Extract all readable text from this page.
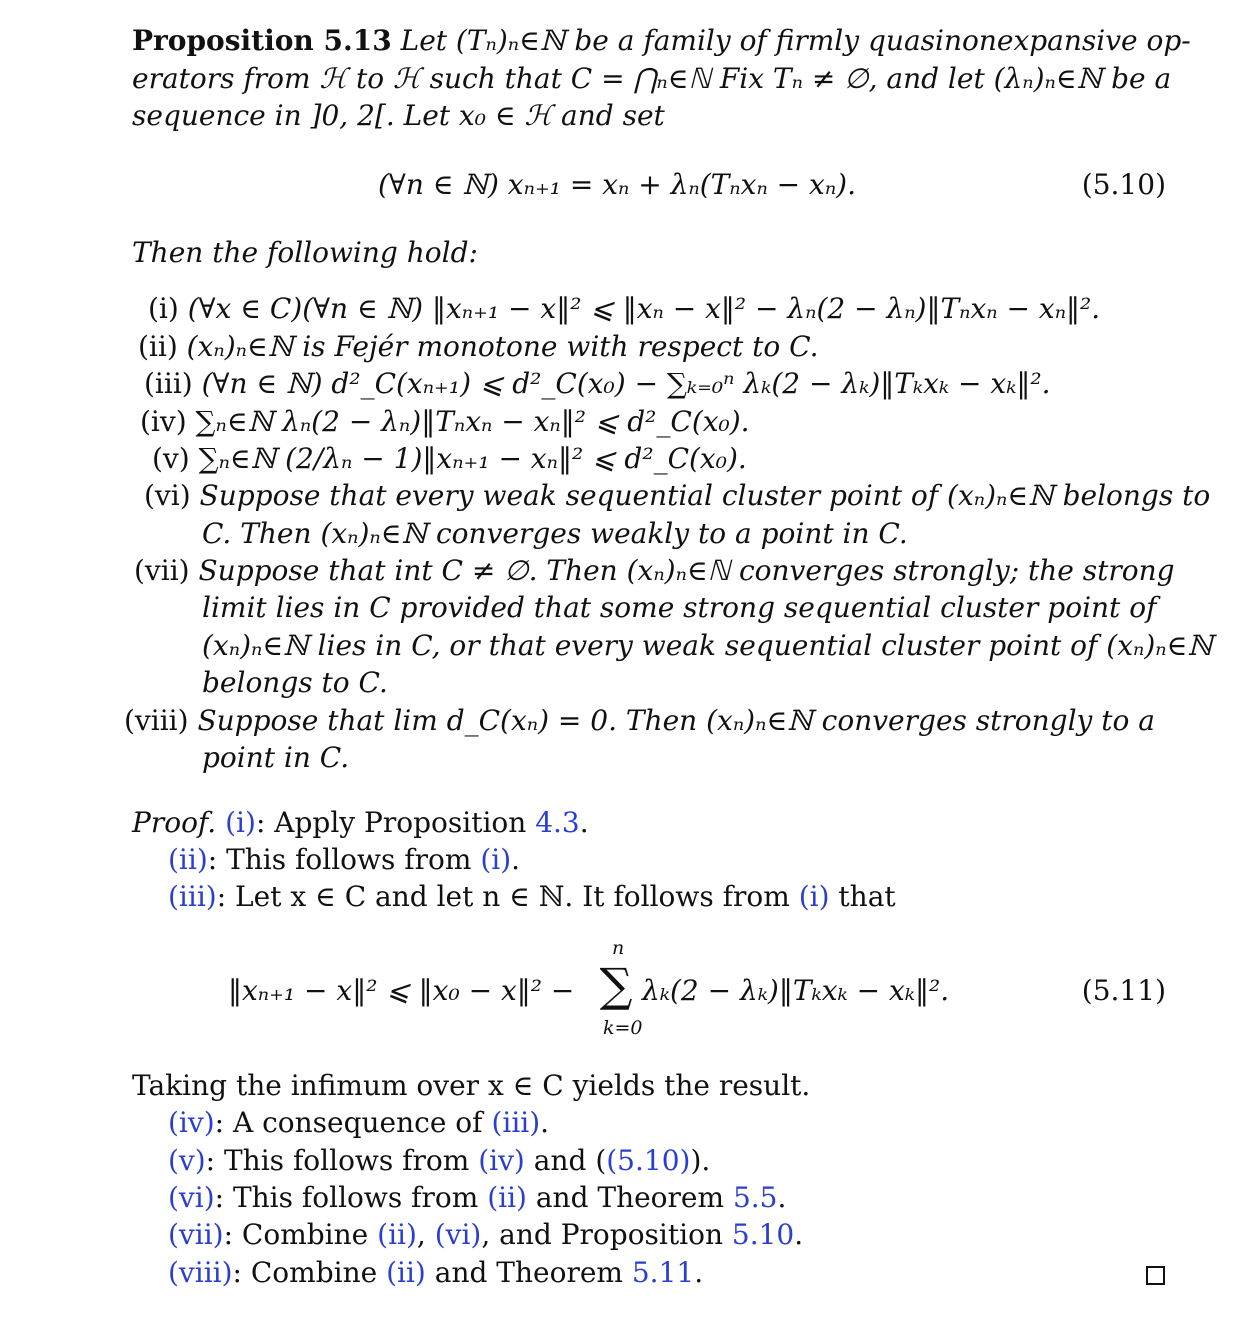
Proposition 5.13 Let (Tₙ)ₙ∈ℕ be a family of firmly quasinonexpansive op-
erators from ℋ to ℋ such that C = ⋂ₙ∈ℕ Fix Tₙ ≠ ∅, and let (λₙ)ₙ∈ℕ be a
sequence in ]0, 2[. Let x₀ ∈ ℋ and set
(∀n ∈ ℕ) xₙ₊₁ = xₙ + λₙ(Tₙxₙ − xₙ).	(5.10)
Then the following hold:
(i) (∀x ∈ C)(∀n ∈ ℕ) ‖xₙ₊₁ − x‖² ⩽ ‖xₙ − x‖² − λₙ(2 − λₙ)‖Tₙxₙ − xₙ‖².
(ii) (xₙ)ₙ∈ℕ is Fejér monotone with respect to C.
(iii) (∀n ∈ ℕ) d²_C(xₙ₊₁) ⩽ d²_C(x₀) − ∑ₖ₌₀ⁿ λₖ(2 − λₖ)‖Tₖxₖ − xₖ‖².
(iv) ∑ₙ∈ℕ λₙ(2 − λₙ)‖Tₙxₙ − xₙ‖² ⩽ d²_C(x₀).
(v) ∑ₙ∈ℕ (2/λₙ − 1)‖xₙ₊₁ − xₙ‖² ⩽ d²_C(x₀).
(vi) Suppose that every weak sequential cluster point of (xₙ)ₙ∈ℕ belongs to
C. Then (xₙ)ₙ∈ℕ converges weakly to a point in C.
(vii) Suppose that int C ≠ ∅. Then (xₙ)ₙ∈ℕ converges strongly; the strong
limit lies in C provided that some strong sequential cluster point of
(xₙ)ₙ∈ℕ lies in C, or that every weak sequential cluster point of (xₙ)ₙ∈ℕ
belongs to C.
(viii) Suppose that lim d_C(xₙ) = 0. Then (xₙ)ₙ∈ℕ converges strongly to a
point in C.
Proof. (i): Apply Proposition 4.3.
(ii): This follows from (i).
(iii): Let x ∈ C and let n ∈ ℕ. It follows from (i) that
‖xₙ₊₁ − x‖² ⩽ ‖x₀ − x‖² − ∑
n
k=0
λₖ(2 − λₖ)‖Tₖxₖ − xₖ‖².	(5.11)
Taking the infimum over x ∈ C yields the result.
(iv): A consequence of (iii).
(v): This follows from (iv) and ((5.10)).
(vi): This follows from (ii) and Theorem 5.5.
(vii): Combine (ii), (vi), and Proposition 5.10.
(viii): Combine (ii) and Theorem 5.11.
